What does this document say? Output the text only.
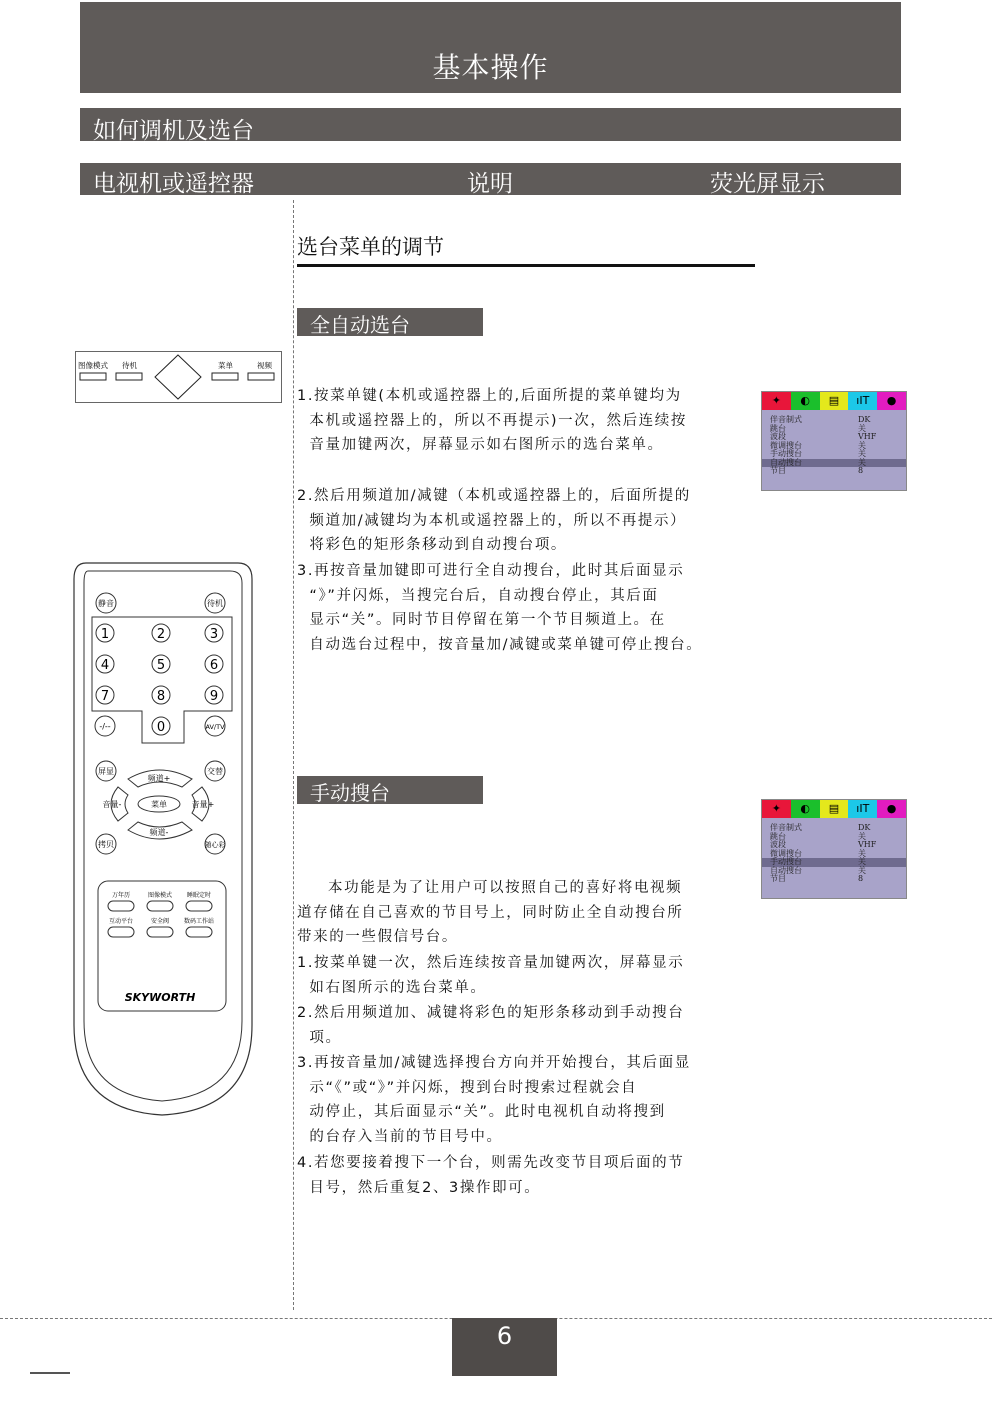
基本操作
如何调机及选台
电视机或遥控器	说明	荧光屏显示
选台菜单的调节
全自动选台
1.按菜单键(本机或遥控器上的,后面所提的菜单键均为
本机或遥控器上的，所以不再提示)一次，然后连续按
音量加键两次，屏幕显示如右图所示的选台菜单。
2.然后用频道加/减键（本机或遥控器上的，后面所提的
频道加/减键均为本机或遥控器上的，所以不再提示）
将彩色的矩形条移动到自动搜台项。
3.再按音量加键即可进行全自动搜台，此时其后面显示
“》”并闪烁，当搜完台后，自动搜台停止，其后面
显示“关”。同时节目停留在第一个节目频道上。在
自动选台过程中，按音量加/减键或菜单键可停止搜台。
手动搜台
本功能是为了让用户可以按照自己的喜好将电视频
道存储在自己喜欢的节目号上，同时防止全自动搜台所
带来的一些假信号台。
1.按菜单键一次，然后连续按音量加键两次，屏幕显示
如右图所示的选台菜单。
2.然后用频道加、减键将彩色的矩形条移动到手动搜台
项。
3.再按音量加/减键选择搜台方向并开始搜台，其后面显
示“《”或“》”并闪烁，搜到台时搜索过程就会自
动停止，其后面显示“关”。此时电视机自动将搜到
的台存入当前的节目号中。
4.若您要接着搜下一个台，则需先改变节目项后面的节
目号，然后重复2、3操作即可。
✦	◐	▤	ıΙΤ	●
伴音制式	DK
跳台	关
波段	VHF
微调搜台	关
手动搜台	关
自动搜台	关
节目	8
✦	◐	▤	ıΙΤ	●
伴音制式	DK
跳台	关
波段	VHF
微调搜台	关
手动搜台	关
自动搜台	关
节目	8
图像模式 待机	菜单	视频
静音	待机
1	2	3
4	5	6
7	8	9
0
-/--	AV/TV
屏显	交替
频道+
频道-
音量-	音量+
菜单
拷贝	随心彩
万年历	图像模式 睡眠定时
互动平台	安全阀 数码工作站
SKYWORTH
6
